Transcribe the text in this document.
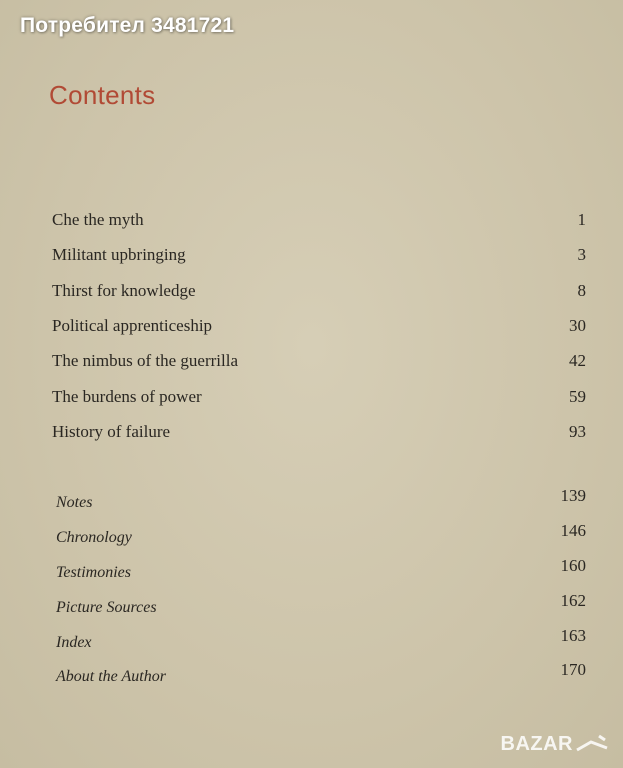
Потребител 3481721
Contents
Che the myth	1
Militant upbringing	3
Thirst for knowledge	8
Political apprenticeship	30
The nimbus of the guerrilla	42
The burdens of power	59
History of failure	93
Notes	139
Chronology	146
Testimonies	160
Picture Sources	162
Index	163
About the Author	170
BAZAR
